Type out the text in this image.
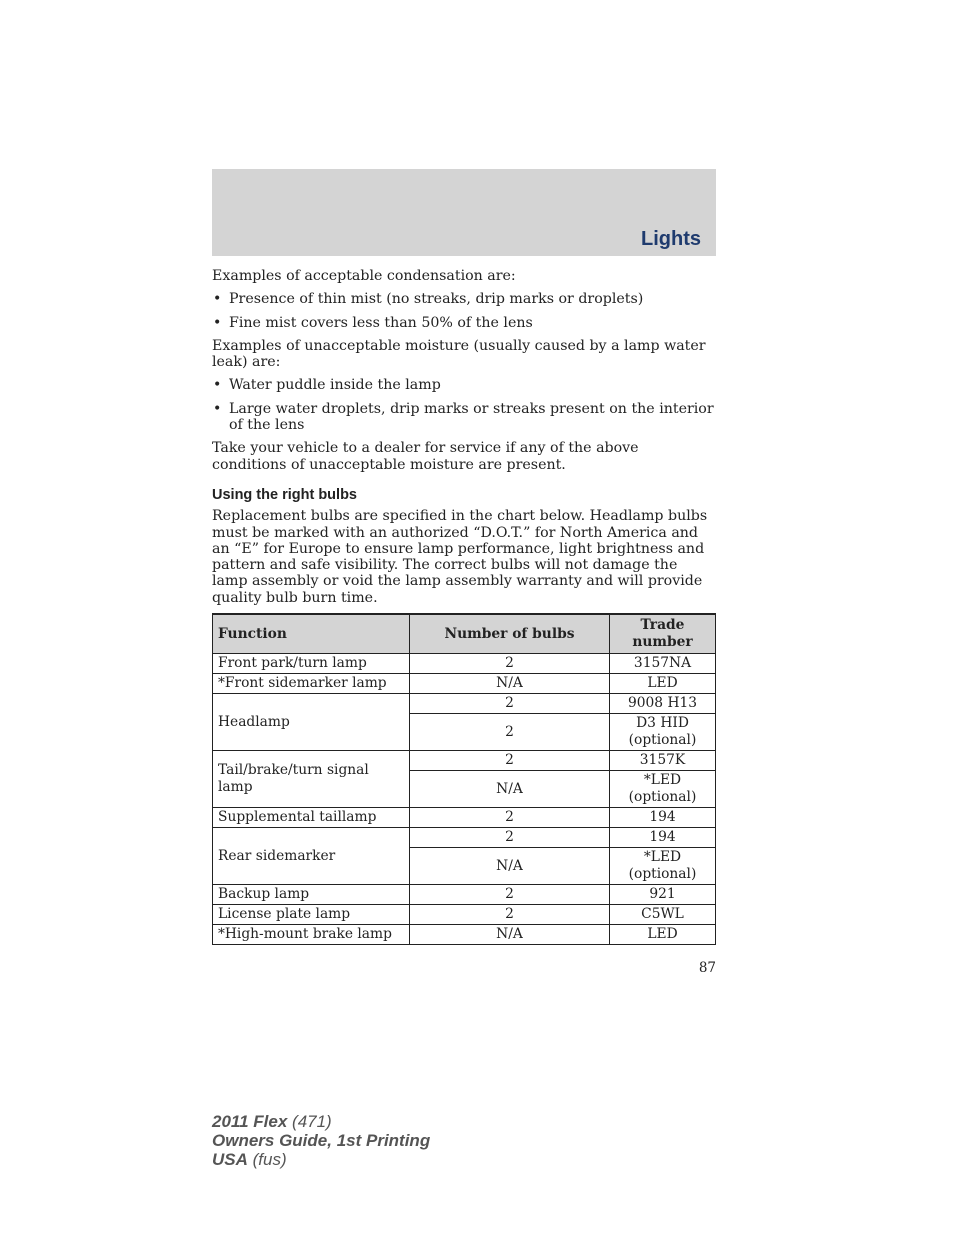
Lights

Examples of acceptable condensation are:

• Presence of thin mist (no streaks, drip marks or droplets)
• Fine mist covers less than 50% of the lens

Examples of unacceptable moisture (usually caused by a lamp water leak) are:

• Water puddle inside the lamp
• Large water droplets, drip marks or streaks present on the interior of the lens

Take your vehicle to a dealer for service if any of the above conditions of unacceptable moisture are present.

Using the right bulbs

Replacement bulbs are specified in the chart below. Headlamp bulbs must be marked with an authorized “D.O.T.” for North America and an “E” for Europe to ensure lamp performance, light brightness and pattern and safe visibility. The correct bulbs will not damage the lamp assembly or void the lamp assembly warranty and will provide quality bulb burn time.

Function	Number of bulbs	Trade number
Front park/turn lamp	2	3157NA
*Front sidemarker lamp	N/A	LED
Headlamp	2	9008 H13
	2	D3 HID (optional)
Tail/brake/turn signal lamp	2	3157K
	N/A	*LED (optional)
Supplemental taillamp	2	194
Rear sidemarker	2	194
	N/A	*LED (optional)
Backup lamp	2	921
License plate lamp	2	C5WL
*High-mount brake lamp	N/A	LED
87
2011 Flex (471)
Owners Guide, 1st Printing
USA (fus)
